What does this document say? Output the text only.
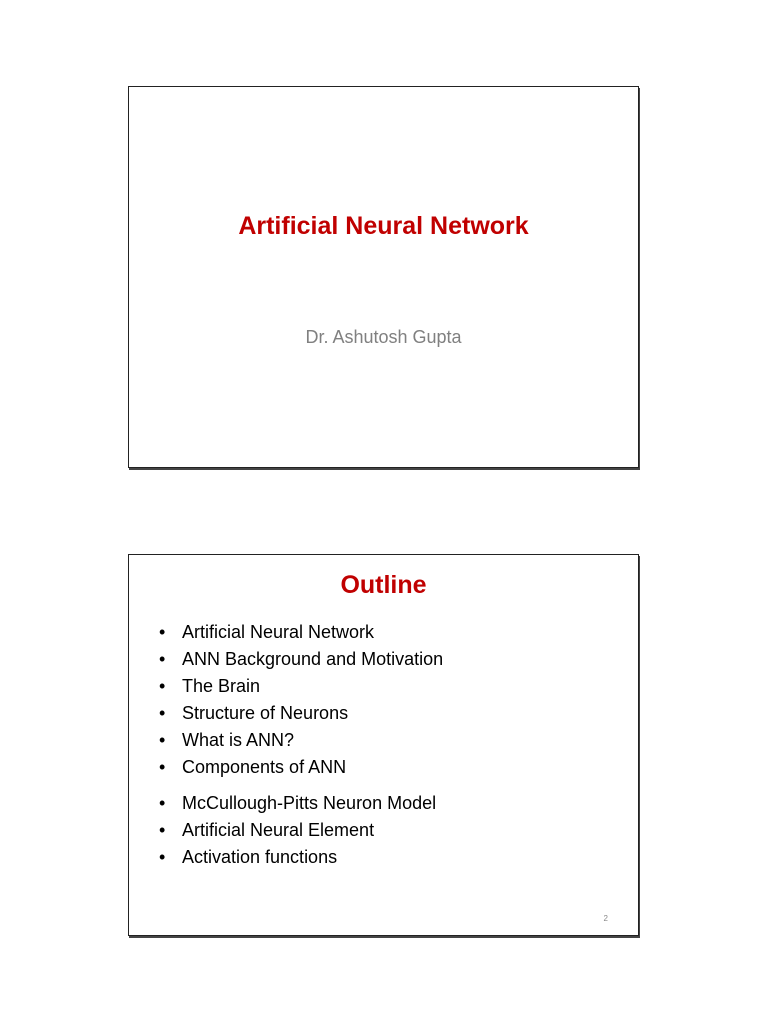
Artificial Neural Network
Dr. Ashutosh Gupta
Outline
• Artificial Neural Network
• ANN Background and Motivation
• The Brain
• Structure of Neurons
• What is ANN?
• Components of ANN
• McCullough-Pitts Neuron Model
• Artificial Neural Element
• Activation functions
2
